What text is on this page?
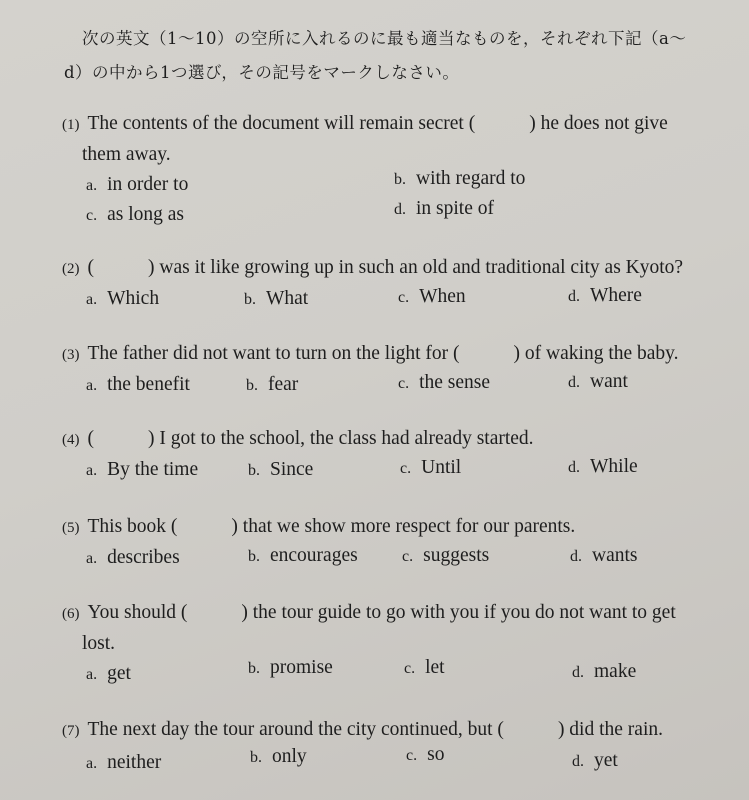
次の英文（1～10）の空所に入れるのに最も適当なものを，それぞれ下記（a～
d）の中から1つ選び，その記号をマークしなさい。
(1) The contents of the document will remain secret (	) he does not give
them away.
a. in order to	b. with regard to
c. as long as	d. in spite of
(2) (	) was it like growing up in such an old and traditional city as Kyoto?
a. Which	b. What	c. When	d. Where
(3) The father did not want to turn on the light for (	) of waking the baby.
a. the benefit	b. fear	c. the sense	d. want
(4) (	) I got to the school, the class had already started.
a. By the time	b. Since	c. Until	d. While
(5) This book (	) that we show more respect for our parents.
a. describes	b. encourages	c. suggests	d. wants
(6) You should (	) the tour guide to go with you if you do not want to get
lost.
a. get	b. promise	c. let	d. make
(7) The next day the tour around the city continued, but (	) did the rain.
a. neither	b. only	c. so	d. yet
